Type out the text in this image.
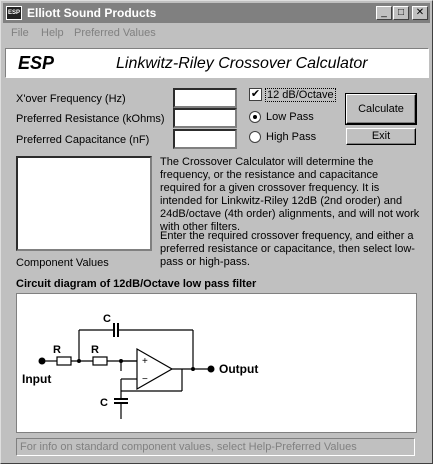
ESP Elliott Sound Products	_	□	✕
File Help Preferred Values
ESP	Linkwitz-Riley Crossover Calculator
X'over Frequency (Hz)
Preferred Resistance (kOhms)
Preferred Capacitance (nF)
✔ 12 dB/Octave
Low Pass
High Pass
Calculate
Exit
Component Values
The Crossover Calculator will determine the frequency, or the resistance and capacitance required for a given crossover frequency. It is intended for Linkwitz-Riley 12dB (2nd oroder) and 24dB/octave (4th order) alignments, and will not work with other filters.
Enter the required crossover frequency, and either a preferred resistance or capacitance, then select low-pass or high-pass.
Circuit diagram of 12dB/Octave low pass filter
R	R
C
C
+
−
Input
Output
For info on standard component values, select Help-Preferred Values
